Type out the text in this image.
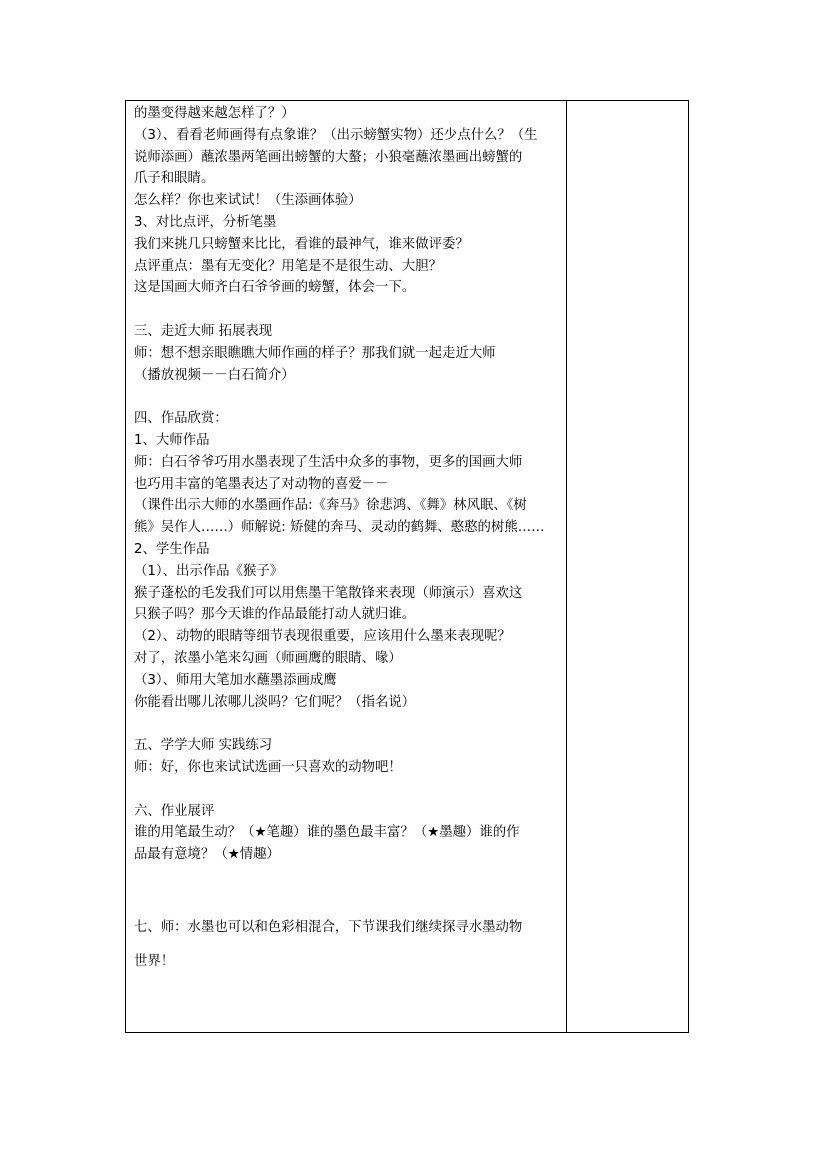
的墨变得越来越怎样了？）
（3）、看看老师画得有点象谁？（出示螃蟹实物）还少点什么？（生
说师添画）蘸浓墨两笔画出螃蟹的大螯；小狼毫蘸浓墨画出螃蟹的
爪子和眼睛。
怎么样？你也来试试！（生添画体验）
3、对比点评，分析笔墨
我们来挑几只螃蟹来比比，看谁的最神气，谁来做评委？
点评重点：墨有无变化？用笔是不是很生动、大胆？
这是国画大师齐白石爷爷画的螃蟹，体会一下。
三、走近大师 拓展表现
师：想不想亲眼瞧瞧大师作画的样子？那我们就一起走近大师
（播放视频－－白石简介）
四、作品欣赏：
1、大师作品
师：白石爷爷巧用水墨表现了生活中众多的事物，更多的国画大师
也巧用丰富的笔墨表达了对动物的喜爱－－
（课件出示大师的水墨画作品:《奔马》徐悲鸿、《舞》林风眠、《树
熊》吴作人……）师解说: 矫健的奔马、灵动的鹤舞、憨憨的树熊……
2、学生作品
（1）、出示作品《猴子》
猴子蓬松的毛发我们可以用焦墨干笔散锋来表现（师演示）喜欢这
只猴子吗？那今天谁的作品最能打动人就归谁。
（2）、动物的眼睛等细节表现很重要，应该用什么墨来表现呢？
对了，浓墨小笔来勾画（师画鹰的眼睛、喙）
（3）、师用大笔加水蘸墨添画成鹰
你能看出哪儿浓哪儿淡吗？它们呢？（指名说）
五、学学大师 实践练习
师：好，你也来试试选画一只喜欢的动物吧！
六、作业展评
谁的用笔最生动？（★笔趣）谁的墨色最丰富？（★墨趣）谁的作
品最有意境？（★情趣）
七、师：水墨也可以和色彩相混合，下节课我们继续探寻水墨动物
世界！
